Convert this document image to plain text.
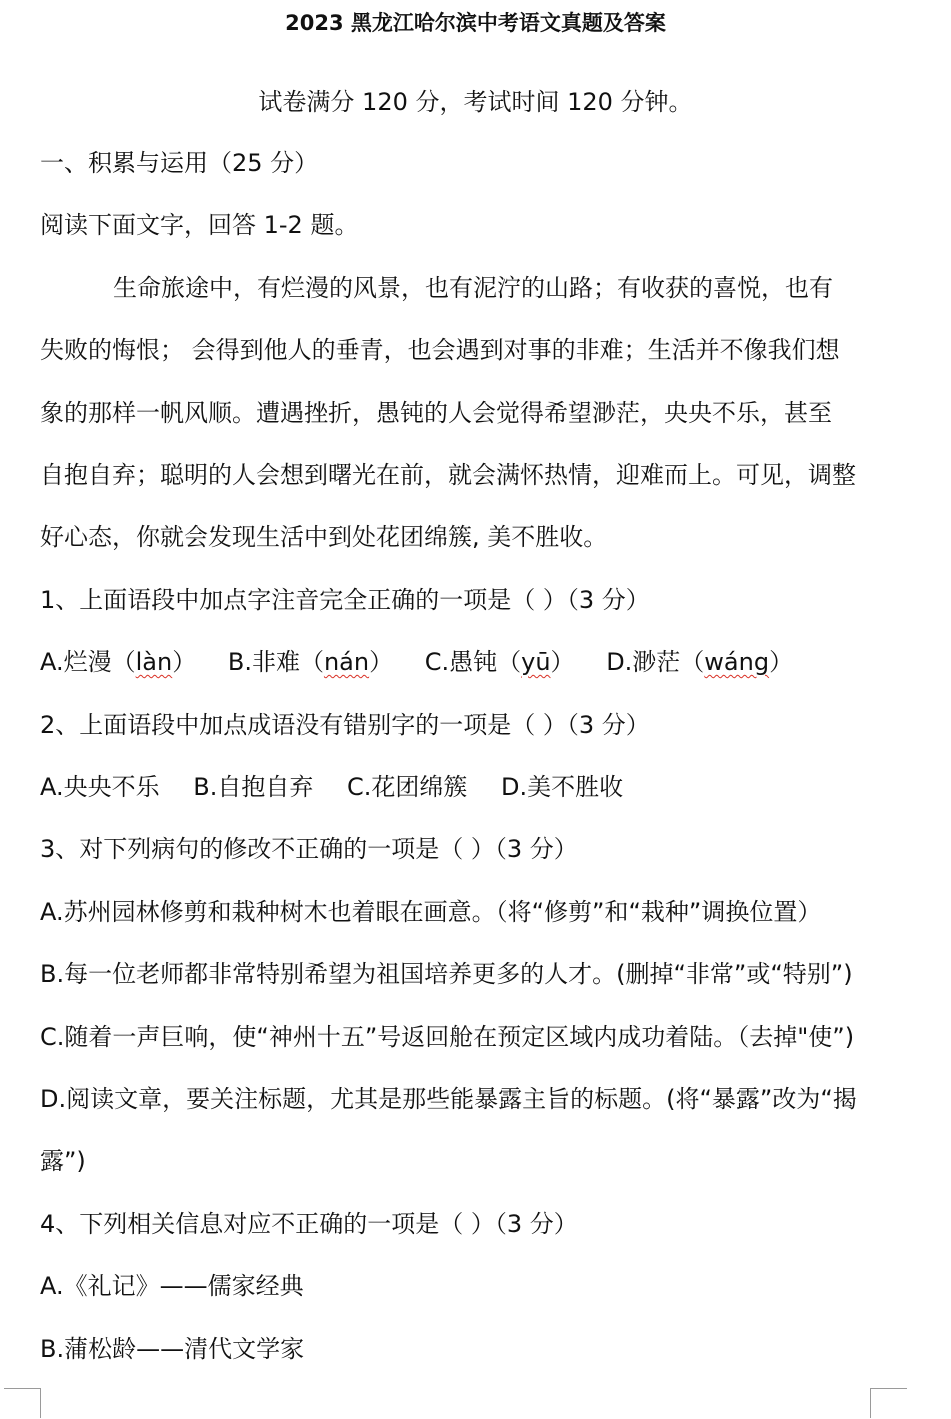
2023 黑龙江哈尔滨中考语文真题及答案
试卷满分 120 分，考试时间 120 分钟。
一、积累与运用（25 分）
阅读下面文字，回答 1-2 题。
生命旅途中，有烂漫的风景，也有泥泞的山路；有收获的喜悦，也有
失败的悔恨； 会得到他人的垂青，也会遇到对事的非难；生活并不像我们想
象的那样一帆风顺。遭遇挫折，愚钝的人会觉得希望渺茫，央央不乐，甚至
自抱自弃；聪明的人会想到曙光在前，就会满怀热情，迎难而上。可见，调整
好心态，你就会发现生活中到处花团绵簇, 美不胜收。
1、上面语段中加点字注音完全正确的一项是（ ）（3 分）
A.烂漫（làn） B.非难（nán） C.愚钝（yū） D.渺茫（wáng）
2、上面语段中加点成语没有错别字的一项是（ ）（3 分）
A.央央不乐 B.自抱自弃 C.花团绵簇 D.美不胜收
3、对下列病句的修改不正确的一项是（ ）（3 分）
A.苏州园林修剪和栽种树木也着眼在画意。（将“修剪”和“栽种”调换位置）
B.每一位老师都非常特别希望为祖国培养更多的人才。(删掉“非常”或“特别”)
C.随着一声巨响，使“神州十五”号返回舱在预定区域内成功着陆。（去掉"使”)
D.阅读文章，要关注标题，尤其是那些能暴露主旨的标题。(将“暴露”改为“揭
露”)
4、下列相关信息对应不正确的一项是（ ）（3 分）
A.《礼记》——儒家经典
B.蒲松龄——清代文学家
